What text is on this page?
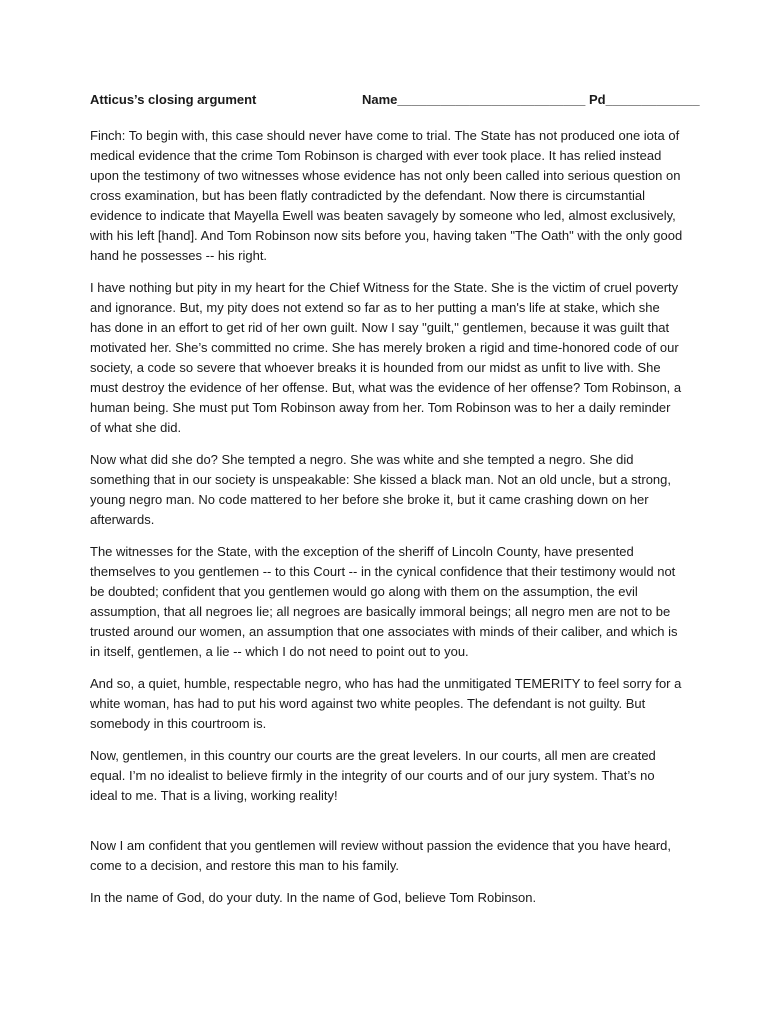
Atticus’s closing argument	Name__________________________ Pd_____________

Finch: To begin with, this case should never have come to trial. The State has not produced one iota of medical evidence that the crime Tom Robinson is charged with ever took place. It has relied instead upon the testimony of two witnesses whose evidence has not only been called into serious question on cross examination, but has been flatly contradicted by the defendant. Now there is circumstantial evidence to indicate that Mayella Ewell was beaten savagely by someone who led, almost exclusively, with his left [hand]. And Tom Robinson now sits before you, having taken "The Oath" with the only good hand he possesses -- his right.

I have nothing but pity in my heart for the Chief Witness for the State. She is the victim of cruel poverty and ignorance. But, my pity does not extend so far as to her putting a man's life at stake, which she has done in an effort to get rid of her own guilt. Now I say "guilt," gentlemen, because it was guilt that motivated her. She’s committed no crime. She has merely broken a rigid and time-honored code of our society, a code so severe that whoever breaks it is hounded from our midst as unfit to live with. She must destroy the evidence of her offense. But, what was the evidence of her offense? Tom Robinson, a human being. She must put Tom Robinson away from her. Tom Robinson was to her a daily reminder of what she did.

Now what did she do? She tempted a negro. She was white and she tempted a negro. She did something that in our society is unspeakable: She kissed a black man. Not an old uncle, but a strong, young negro man. No code mattered to her before she broke it, but it came crashing down on her afterwards.

The witnesses for the State, with the exception of the sheriff of Lincoln County, have presented themselves to you gentlemen -- to this Court -- in the cynical confidence that their testimony would not be doubted; confident that you gentlemen would go along with them on the assumption, the evil assumption, that all negroes lie; all negroes are basically immoral beings; all negro men are not to be trusted around our women, an assumption that one associates with minds of their caliber, and which is in itself, gentlemen, a lie -- which I do not need to point out to you.

And so, a quiet, humble, respectable negro, who has had the unmitigated TEMERITY to feel sorry for a white woman, has had to put his word against two white peoples. The defendant is not guilty. But somebody in this courtroom is.

Now, gentlemen, in this country our courts are the great levelers. In our courts, all men are created equal. I’m no idealist to believe firmly in the integrity of our courts and of our jury system. That’s no ideal to me. That is a living, working reality!

Now I am confident that you gentlemen will review without passion the evidence that you have heard, come to a decision, and restore this man to his family.

In the name of God, do your duty. In the name of God, believe Tom Robinson.
